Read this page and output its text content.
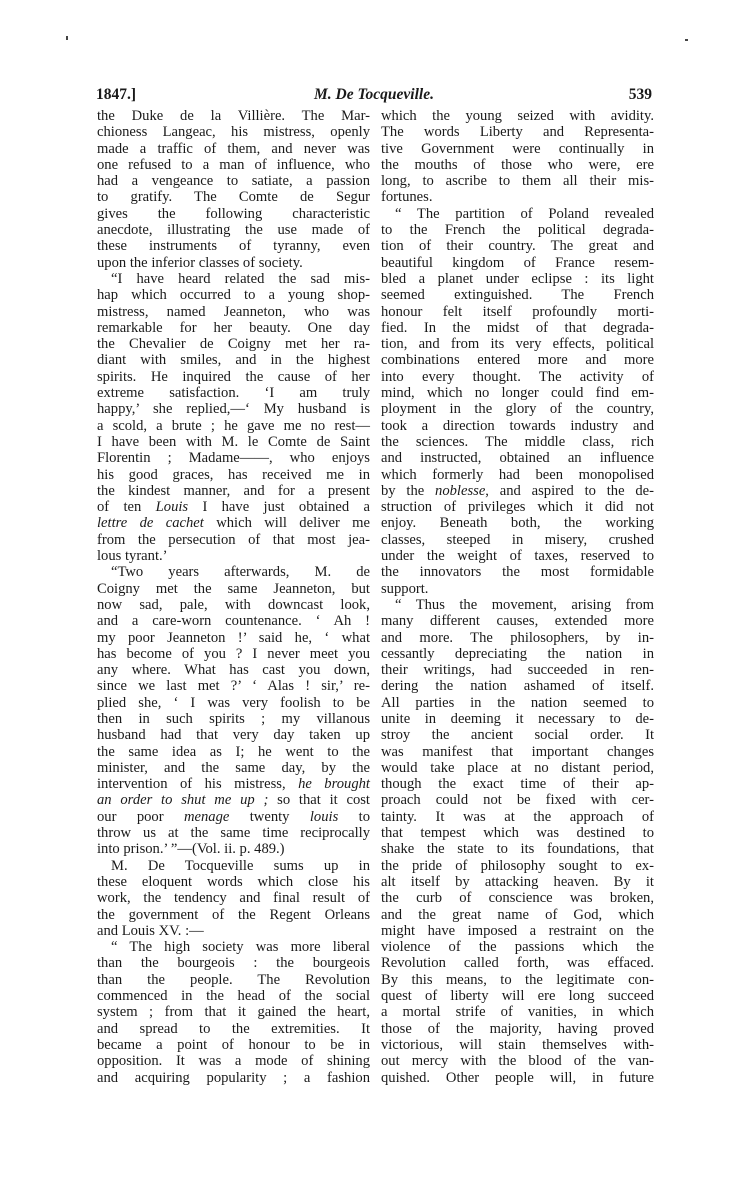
1847.]	M. De Tocqueville.	539
the Duke de la Villière. The Mar-
chioness Langeac, his mistress, openly
made a traffic of them, and never was
one refused to a man of influence, who
had a vengeance to satiate, a passion
to gratify. The Comte de Segur
gives the following characteristic
anecdote, illustrating the use made of
these instruments of tyranny, even
upon the inferior classes of society.
“I have heard related the sad mis-
hap which occurred to a young shop-
mistress, named Jeanneton, who was
remarkable for her beauty. One day
the Chevalier de Coigny met her ra-
diant with smiles, and in the highest
spirits. He inquired the cause of her
extreme satisfaction. ‘I am truly
happy,’ she replied,—‘ My husband is
a scold, a brute ; he gave me no rest—
I have been with M. le Comte de Saint
Florentin ; Madame——, who enjoys
his good graces, has received me in
the kindest manner, and for a present
of ten Louis I have just obtained a
lettre de cachet which will deliver me
from the persecution of that most jea-
lous tyrant.’
“Two years afterwards, M. de
Coigny met the same Jeanneton, but
now sad, pale, with downcast look,
and a care-worn countenance. ‘ Ah !
my poor Jeanneton !’ said he, ‘ what
has become of you ? I never meet you
any where. What has cast you down,
since we last met ?’ ‘ Alas ! sir,’ re-
plied she, ‘ I was very foolish to be
then in such spirits ; my villanous
husband had that very day taken up
the same idea as I; he went to the
minister, and the same day, by the
intervention of his mistress, he brought
an order to shut me up ; so that it cost
our poor menage twenty louis to
throw us at the same time reciprocally
into prison.’ ”—(Vol. ii. p. 489.)
M. De Tocqueville sums up in
these eloquent words which close his
work, the tendency and final result of
the government of the Regent Orleans
and Louis XV. :—
“ The high society was more liberal
than the bourgeois : the bourgeois
than the people. The Revolution
commenced in the head of the social
system ; from that it gained the heart,
and spread to the extremities. It
became a point of honour to be in
opposition. It was a mode of shining
and acquiring popularity ; a fashion
which the young seized with avidity.
The words Liberty and Representa-
tive Government were continually in
the mouths of those who were, ere
long, to ascribe to them all their mis-
fortunes.
“ The partition of Poland revealed
to the French the political degrada-
tion of their country. The great and
beautiful kingdom of France resem-
bled a planet under eclipse : its light
seemed extinguished. The French
honour felt itself profoundly morti-
fied. In the midst of that degrada-
tion, and from its very effects, political
combinations entered more and more
into every thought. The activity of
mind, which no longer could find em-
ployment in the glory of the country,
took a direction towards industry and
the sciences. The middle class, rich
and instructed, obtained an influence
which formerly had been monopolised
by the noblesse, and aspired to the de-
struction of privileges which it did not
enjoy. Beneath both, the working
classes, steeped in misery, crushed
under the weight of taxes, reserved to
the innovators the most formidable
support.
“ Thus the movement, arising from
many different causes, extended more
and more. The philosophers, by in-
cessantly depreciating the nation in
their writings, had succeeded in ren-
dering the nation ashamed of itself.
All parties in the nation seemed to
unite in deeming it necessary to de-
stroy the ancient social order. It
was manifest that important changes
would take place at no distant period,
though the exact time of their ap-
proach could not be fixed with cer-
tainty. It was at the approach of
that tempest which was destined to
shake the state to its foundations, that
the pride of philosophy sought to ex-
alt itself by attacking heaven. By it
the curb of conscience was broken,
and the great name of God, which
might have imposed a restraint on the
violence of the passions which the
Revolution called forth, was effaced.
By this means, to the legitimate con-
quest of liberty will ere long succeed
a mortal strife of vanities, in which
those of the majority, having proved
victorious, will stain themselves with-
out mercy with the blood of the van-
quished. Other people will, in future
